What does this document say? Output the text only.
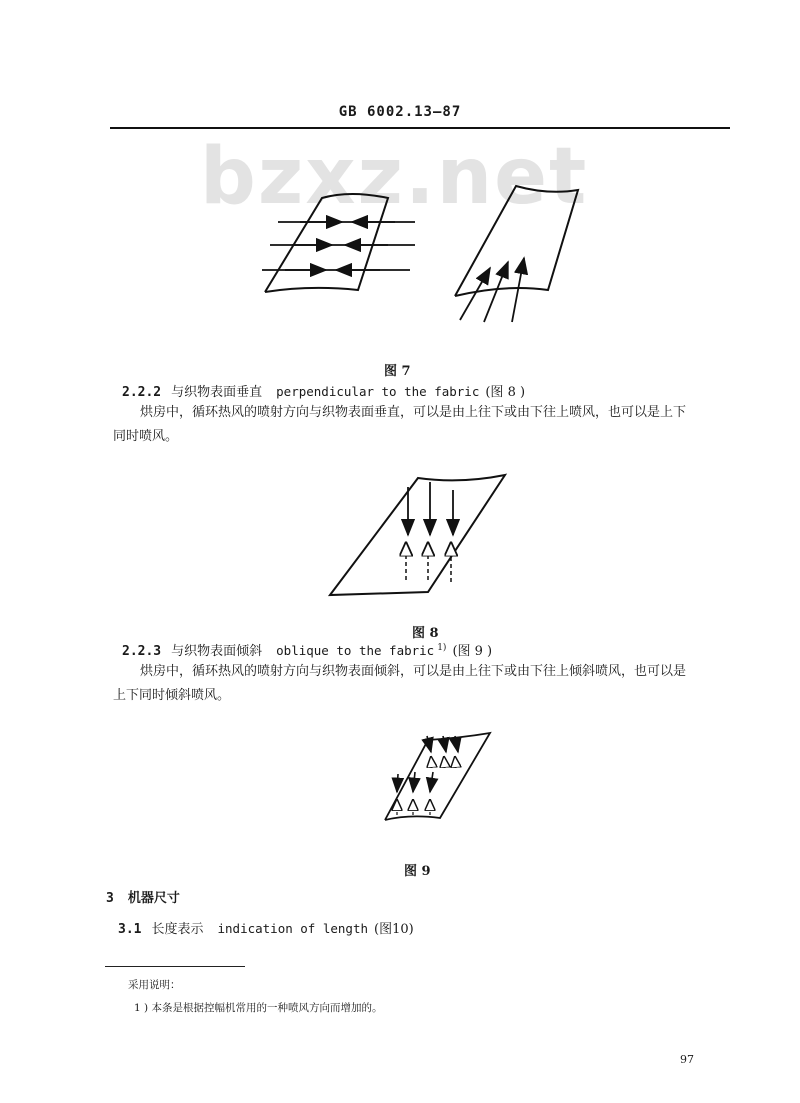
GB 6002.13—87
bzxz.net
图 7
2.2.2 与织物表面垂直 perpendicular to the fabric (图 8 )
烘房中，循环热风的喷射方向与织物表面垂直，可以是由上往下或由下往上喷风，也可以是上下
同时喷风。
图 8
2.2.3 与织物表面倾斜 oblique to the fabric $^{1)}$ (图 9 )
烘房中，循环热风的喷射方向与织物表面倾斜，可以是由上往下或由下往上倾斜喷风，也可以是
上下同时倾斜喷风。
图 9
3 机器尺寸
3.1 长度表示 indication of length (图10)
采用说明：
1 ) 本条是根据控幅机常用的一种喷风方向而增加的。
97
